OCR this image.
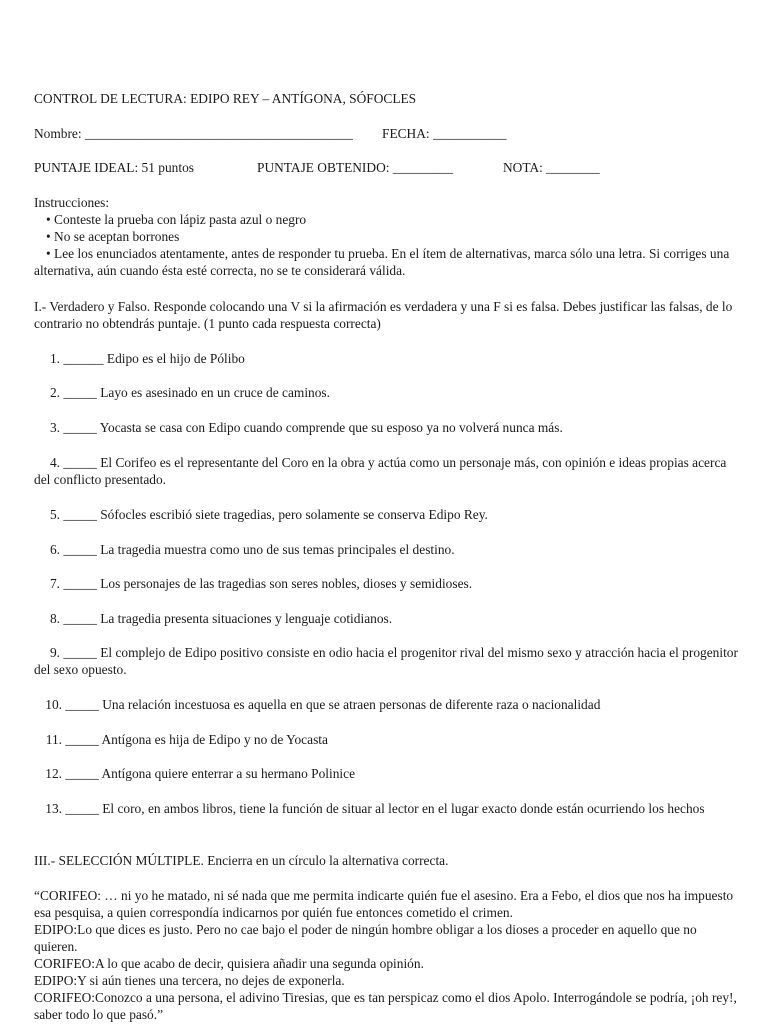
CONTROL DE LECTURA: EDIPO REY – ANTÍGONA, SÓFOCLES
Nombre: ________________________________________ FECHA: ___________
PUNTAJE IDEAL: 51 puntos	PUNTAJE OBTENIDO: _________	NOTA: ________
Instrucciones:
• Conteste la prueba con lápiz pasta azul o negro
• No se aceptan borrones
• Lee los enunciados atentamente, antes de responder tu prueba. En el ítem de alternativas, marca sólo una letra. Si corriges una alternativa, aún cuando ésta esté correcta, no se te considerará válida.
I.- Verdadero y Falso. Responde colocando una V si la afirmación es verdadera y una F si es falsa. Debes justificar las falsas, de lo contrario no obtendrás puntaje. (1 punto cada respuesta correcta)
1. ______ Edipo es el hijo de Pólibo
2. _____ Layo es asesinado en un cruce de caminos.
3. _____ Yocasta se casa con Edipo cuando comprende que su esposo ya no volverá nunca más.
4. _____ El Corifeo es el representante del Coro en la obra y actúa como un personaje más, con opinión e ideas propias acerca del conflicto presentado.
5. _____ Sófocles escribió siete tragedias, pero solamente se conserva Edipo Rey.
6. _____ La tragedia muestra como uno de sus temas principales el destino.
7. _____ Los personajes de las tragedias son seres nobles, dioses y semidioses.
8. _____ La tragedia presenta situaciones y lenguaje cotidianos.
9. _____ El complejo de Edipo positivo consiste en odio hacia el progenitor rival del mismo sexo y atracción hacia el progenitor del sexo opuesto.
10. _____ Una relación incestuosa es aquella en que se atraen personas de diferente raza o nacionalidad
11. _____ Antígona es hija de Edipo y no de Yocasta
12. _____ Antígona quiere enterrar a su hermano Polinice
13. _____ El coro, en ambos libros, tiene la función de situar al lector en el lugar exacto donde están ocurriendo los hechos
III.- SELECCIÓN MÚLTIPLE. Encierra en un círculo la alternativa correcta.

“CORIFEO: … ni yo he matado, ni sé nada que me permita indicarte quién fue el asesino. Era a Febo, el dios que nos ha impuesto esa pesquisa, a quien correspondía indicarnos por quién fue entonces cometido el crimen.

EDIPO:Lo que dices es justo. Pero no cae bajo el poder de ningún hombre obligar a los dioses a proceder en aquello que no quieren.

CORIFEO:A lo que acabo de decir, quisiera añadir una segunda opinión.

EDIPO:Y si aún tienes una tercera, no dejes de exponerla.

CORIFEO:Conozco a una persona, el adivino Tiresias, que es tan perspicaz como el dios Apolo. Interrogándole se podría, ¡oh rey!, saber todo lo que pasó.”
